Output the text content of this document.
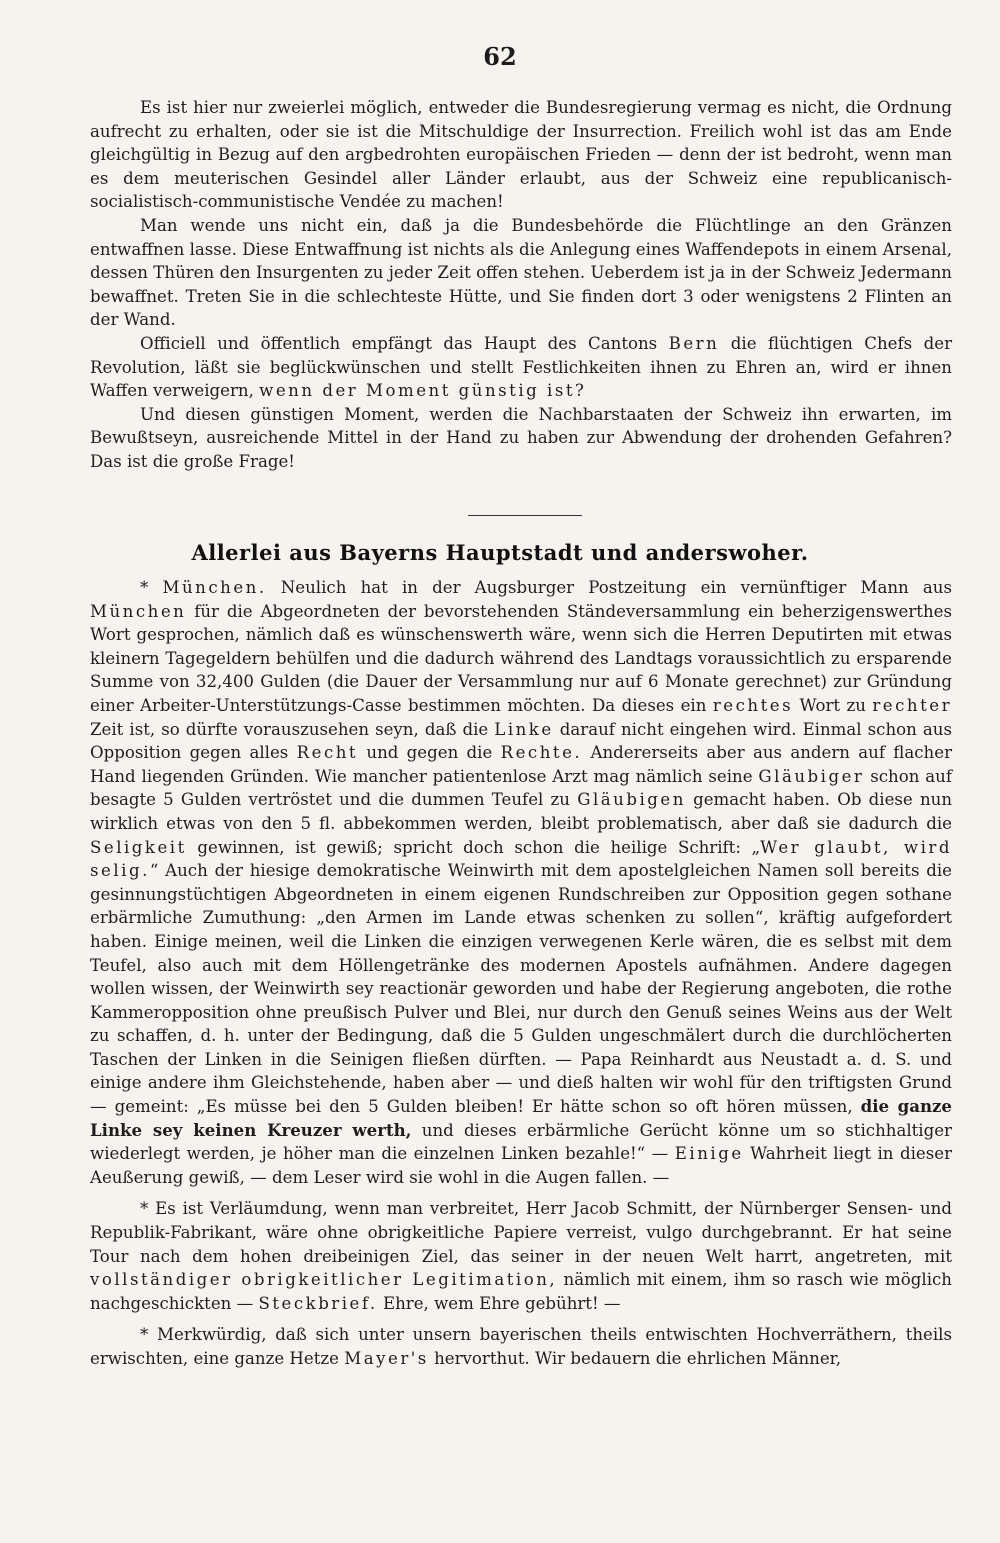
62

Es ist hier nur zweierlei möglich, entweder die Bundesregierung vermag es nicht, die Ordnung aufrecht zu erhalten, oder sie ist die Mitschuldige der Insurrection. Freilich wohl ist das am Ende gleichgültig in Bezug auf den argbedrohten europäischen Frieden — denn der ist bedroht, wenn man es dem meuterischen Gesindel aller Länder erlaubt, aus der Schweiz eine republicanisch-socialistisch-communistische Vendée zu machen!

Man wende uns nicht ein, daß ja die Bundesbehörde die Flüchtlinge an den Gränzen entwaffnen lasse. Diese Entwaffnung ist nichts als die Anlegung eines Waffendepots in einem Arsenal, dessen Thüren den Insurgenten zu jeder Zeit offen stehen. Ueberdem ist ja in der Schweiz Jedermann bewaffnet. Treten Sie in die schlechteste Hütte, und Sie finden dort 3 oder wenigstens 2 Flinten an der Wand.

Officiell und öffentlich empfängt das Haupt des Cantons Bern die flüchtigen Chefs der Revolution, läßt sie beglückwünschen und stellt Festlichkeiten ihnen zu Ehren an, wird er ihnen Waffen verweigern, wenn der Moment günstig ist?

Und diesen günstigen Moment, werden die Nachbarstaaten der Schweiz ihn erwarten, im Bewußtseyn, ausreichende Mittel in der Hand zu haben zur Abwendung der drohenden Gefahren? Das ist die große Frage!

Allerlei aus Bayerns Hauptstadt und anderswoher.

* München. Neulich hat in der Augsburger Postzeitung ein vernünftiger Mann aus München für die Abgeordneten der bevorstehenden Ständeversammlung ein beherzigenswerthes Wort gesprochen, nämlich daß es wünschenswerth wäre, wenn sich die Herren Deputirten mit etwas kleinern Tagegeldern behülfen und die dadurch während des Landtags voraussichtlich zu ersparende Summe von 32,400 Gulden (die Dauer der Versammlung nur auf 6 Monate gerechnet) zur Gründung einer Arbeiter-Unterstützungs-Casse bestimmen möchten. Da dieses ein rechtes Wort zu rechter Zeit ist, so dürfte vorauszusehen seyn, daß die Linke darauf nicht eingehen wird. Einmal schon aus Opposition gegen alles Recht und gegen die Rechte. Andererseits aber aus andern auf flacher Hand liegenden Gründen. Wie mancher patientenlose Arzt mag nämlich seine Gläubiger schon auf besagte 5 Gulden vertröstet und die dummen Teufel zu Gläubigen gemacht haben. Ob diese nun wirklich etwas von den 5 fl. abbekommen werden, bleibt problematisch, aber daß sie dadurch die Seligkeit gewinnen, ist gewiß; spricht doch schon die heilige Schrift: „Wer glaubt, wird selig.“ Auch der hiesige demokratische Weinwirth mit dem apostelgleichen Namen soll bereits die gesinnungstüchtigen Abgeordneten in einem eigenen Rundschreiben zur Opposition gegen sothane erbärmliche Zumuthung: „den Armen im Lande etwas schenken zu sollen“, kräftig aufgefordert haben. Einige meinen, weil die Linken die einzigen verwegenen Kerle wären, die es selbst mit dem Teufel, also auch mit dem Höllengetränke des modernen Apostels aufnähmen. Andere dagegen wollen wissen, der Weinwirth sey reactionär geworden und habe der Regierung angeboten, die rothe Kammeropposition ohne preußisch Pulver und Blei, nur durch den Genuß seines Weins aus der Welt zu schaffen, d. h. unter der Bedingung, daß die 5 Gulden ungeschmälert durch die durchlöcherten Taschen der Linken in die Seinigen fließen dürften. — Papa Reinhardt aus Neustadt a. d. S. und einige andere ihm Gleichstehende, haben aber — und dieß halten wir wohl für den triftigsten Grund — gemeint: „Es müsse bei den 5 Gulden bleiben! Er hätte schon so oft hören müssen, die ganze Linke sey keinen Kreuzer werth, und dieses erbärmliche Gerücht könne um so stichhaltiger wiederlegt werden, je höher man die einzelnen Linken bezahle!“ — Einige Wahrheit liegt in dieser Aeußerung gewiß, — dem Leser wird sie wohl in die Augen fallen. —

* Es ist Verläumdung, wenn man verbreitet, Herr Jacob Schmitt, der Nürnberger Sensen- und Republik-Fabrikant, wäre ohne obrigkeitliche Papiere verreist, vulgo durchgebrannt. Er hat seine Tour nach dem hohen dreibeinigen Ziel, das seiner in der neuen Welt harrt, angetreten, mit vollständiger obrigkeitlicher Legitimation, nämlich mit einem, ihm so rasch wie möglich nachgeschickten — Steckbrief. Ehre, wem Ehre gebührt! —

* Merkwürdig, daß sich unter unsern bayerischen theils entwischten Hochverräthern, theils erwischten, eine ganze Hetze Mayer's hervorthut. Wir bedauern die ehrlichen Männer,
